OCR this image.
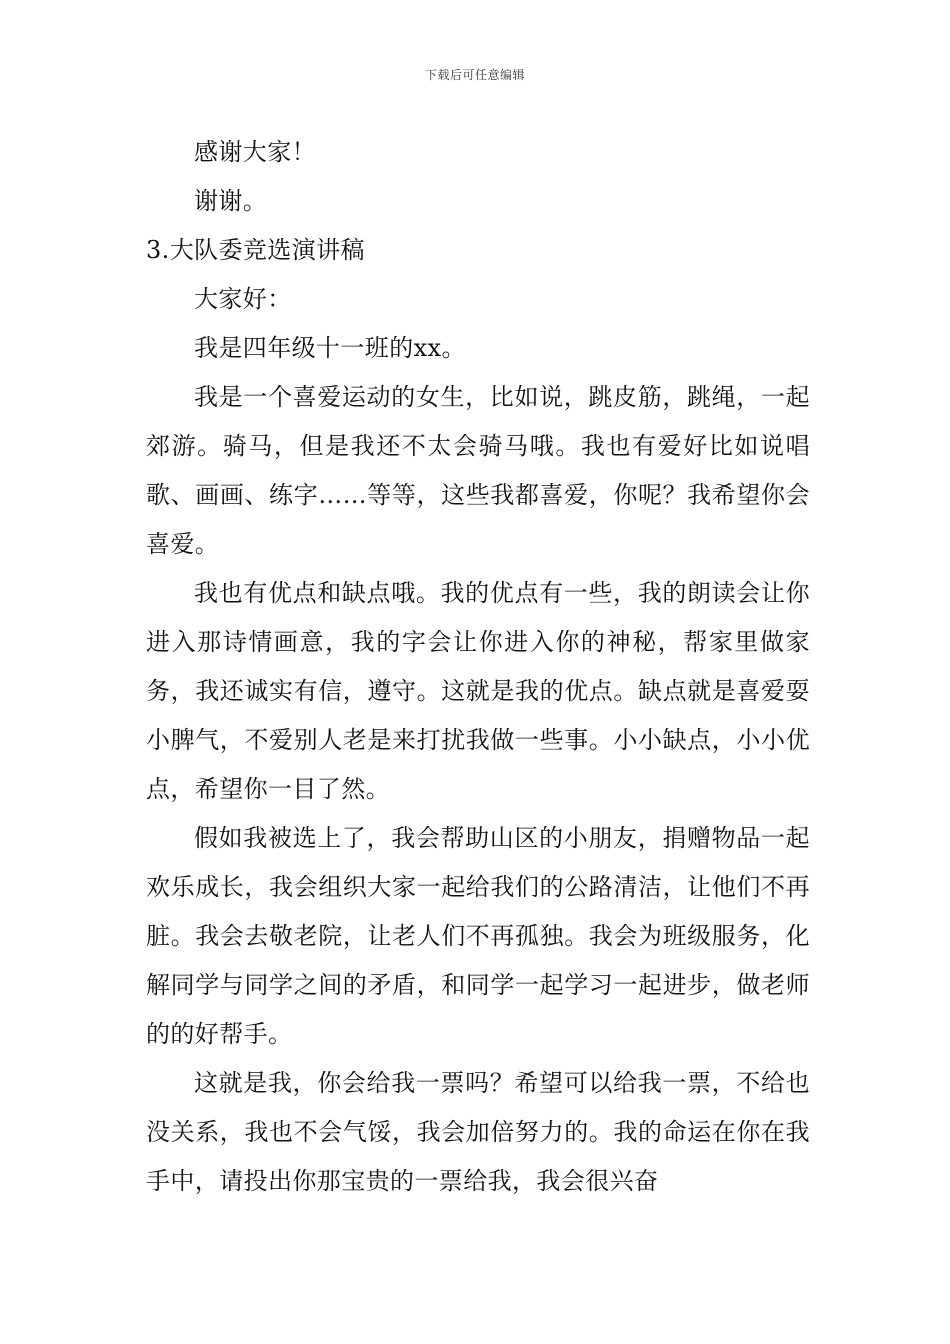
下载后可任意编辑

感谢大家！

谢谢。

3.大队委竞选演讲稿

大家好：

我是四年级十一班的xx。

我是一个喜爱运动的女生，比如说，跳皮筋，跳绳，一起郊游。骑马，但是我还不太会骑马哦。我也有爱好比如说唱歌、画画、练字……等等，这些我都喜爱，你呢？我希望你会喜爱。

我也有优点和缺点哦。我的优点有一些，我的朗读会让你进入那诗情画意，我的字会让你进入你的神秘，帮家里做家务，我还诚实有信，遵守。这就是我的优点。缺点就是喜爱耍小脾气，不爱别人老是来打扰我做一些事。小小缺点，小小优点，希望你一目了然。

假如我被选上了，我会帮助山区的小朋友，捐赠物品一起欢乐成长，我会组织大家一起给我们的公路清洁，让他们不再脏。我会去敬老院，让老人们不再孤独。我会为班级服务，化解同学与同学之间的矛盾，和同学一起学习一起进步，做老师的的好帮手。

这就是我，你会给我一票吗？希望可以给我一票，不给也没关系，我也不会气馁，我会加倍努力的。我的命运在你在我手中，请投出你那宝贵的一票给我，我会很兴奋
